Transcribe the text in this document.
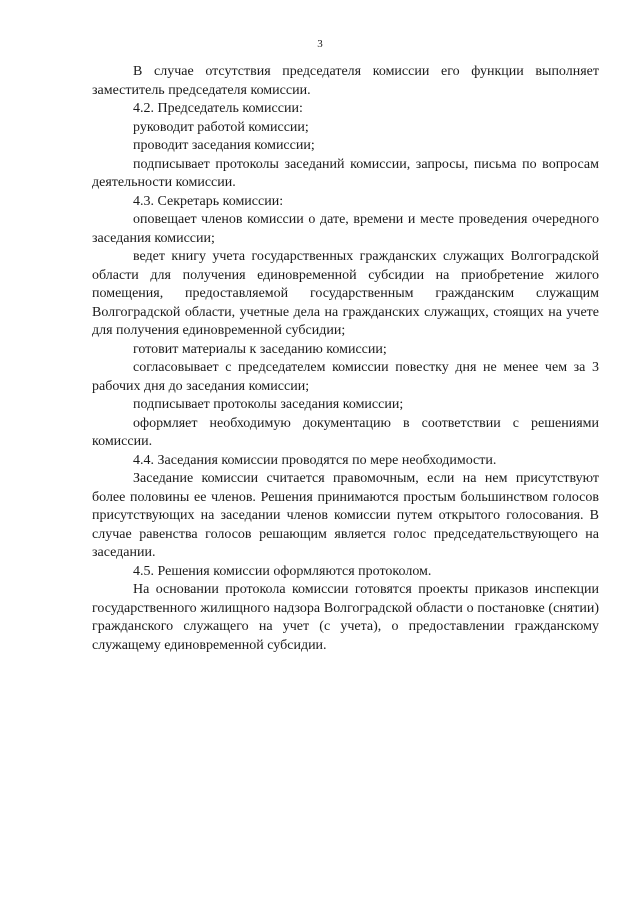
3

В случае отсутствия председателя комиссии его функции выполняет заместитель председателя комиссии.

4.2. Председатель комиссии:

руководит работой комиссии;

проводит заседания комиссии;

подписывает протоколы заседаний комиссии, запросы, письма по вопросам деятельности комиссии.

4.3. Секретарь комиссии:

оповещает членов комиссии о дате, времени и месте проведения очередного заседания комиссии;

ведет книгу учета государственных гражданских служащих Волгоградской области для получения единовременной субсидии на приобретение жилого помещения, предоставляемой государственным гражданским служащим Волгоградской области, учетные дела на гражданских служащих, стоящих на учете для получения единовременной субсидии;

готовит материалы к заседанию комиссии;

согласовывает с председателем комиссии повестку дня не менее чем за 3 рабочих дня до заседания комиссии;

подписывает протоколы заседания комиссии;

оформляет необходимую документацию в соответствии с решениями комиссии.

4.4. Заседания комиссии проводятся по мере необходимости.

Заседание комиссии считается правомочным, если на нем присутствуют более половины ее членов. Решения принимаются простым большинством голосов присутствующих на заседании членов комиссии путем открытого голосования. В случае равенства голосов решающим является голос председательствующего на заседании.

4.5. Решения комиссии оформляются протоколом.

На основании протокола комиссии готовятся проекты приказов инспекции государственного жилищного надзора Волгоградской области о постановке (снятии) гражданского служащего на учет (с учета), о предоставлении гражданскому служащему единовременной субсидии.
